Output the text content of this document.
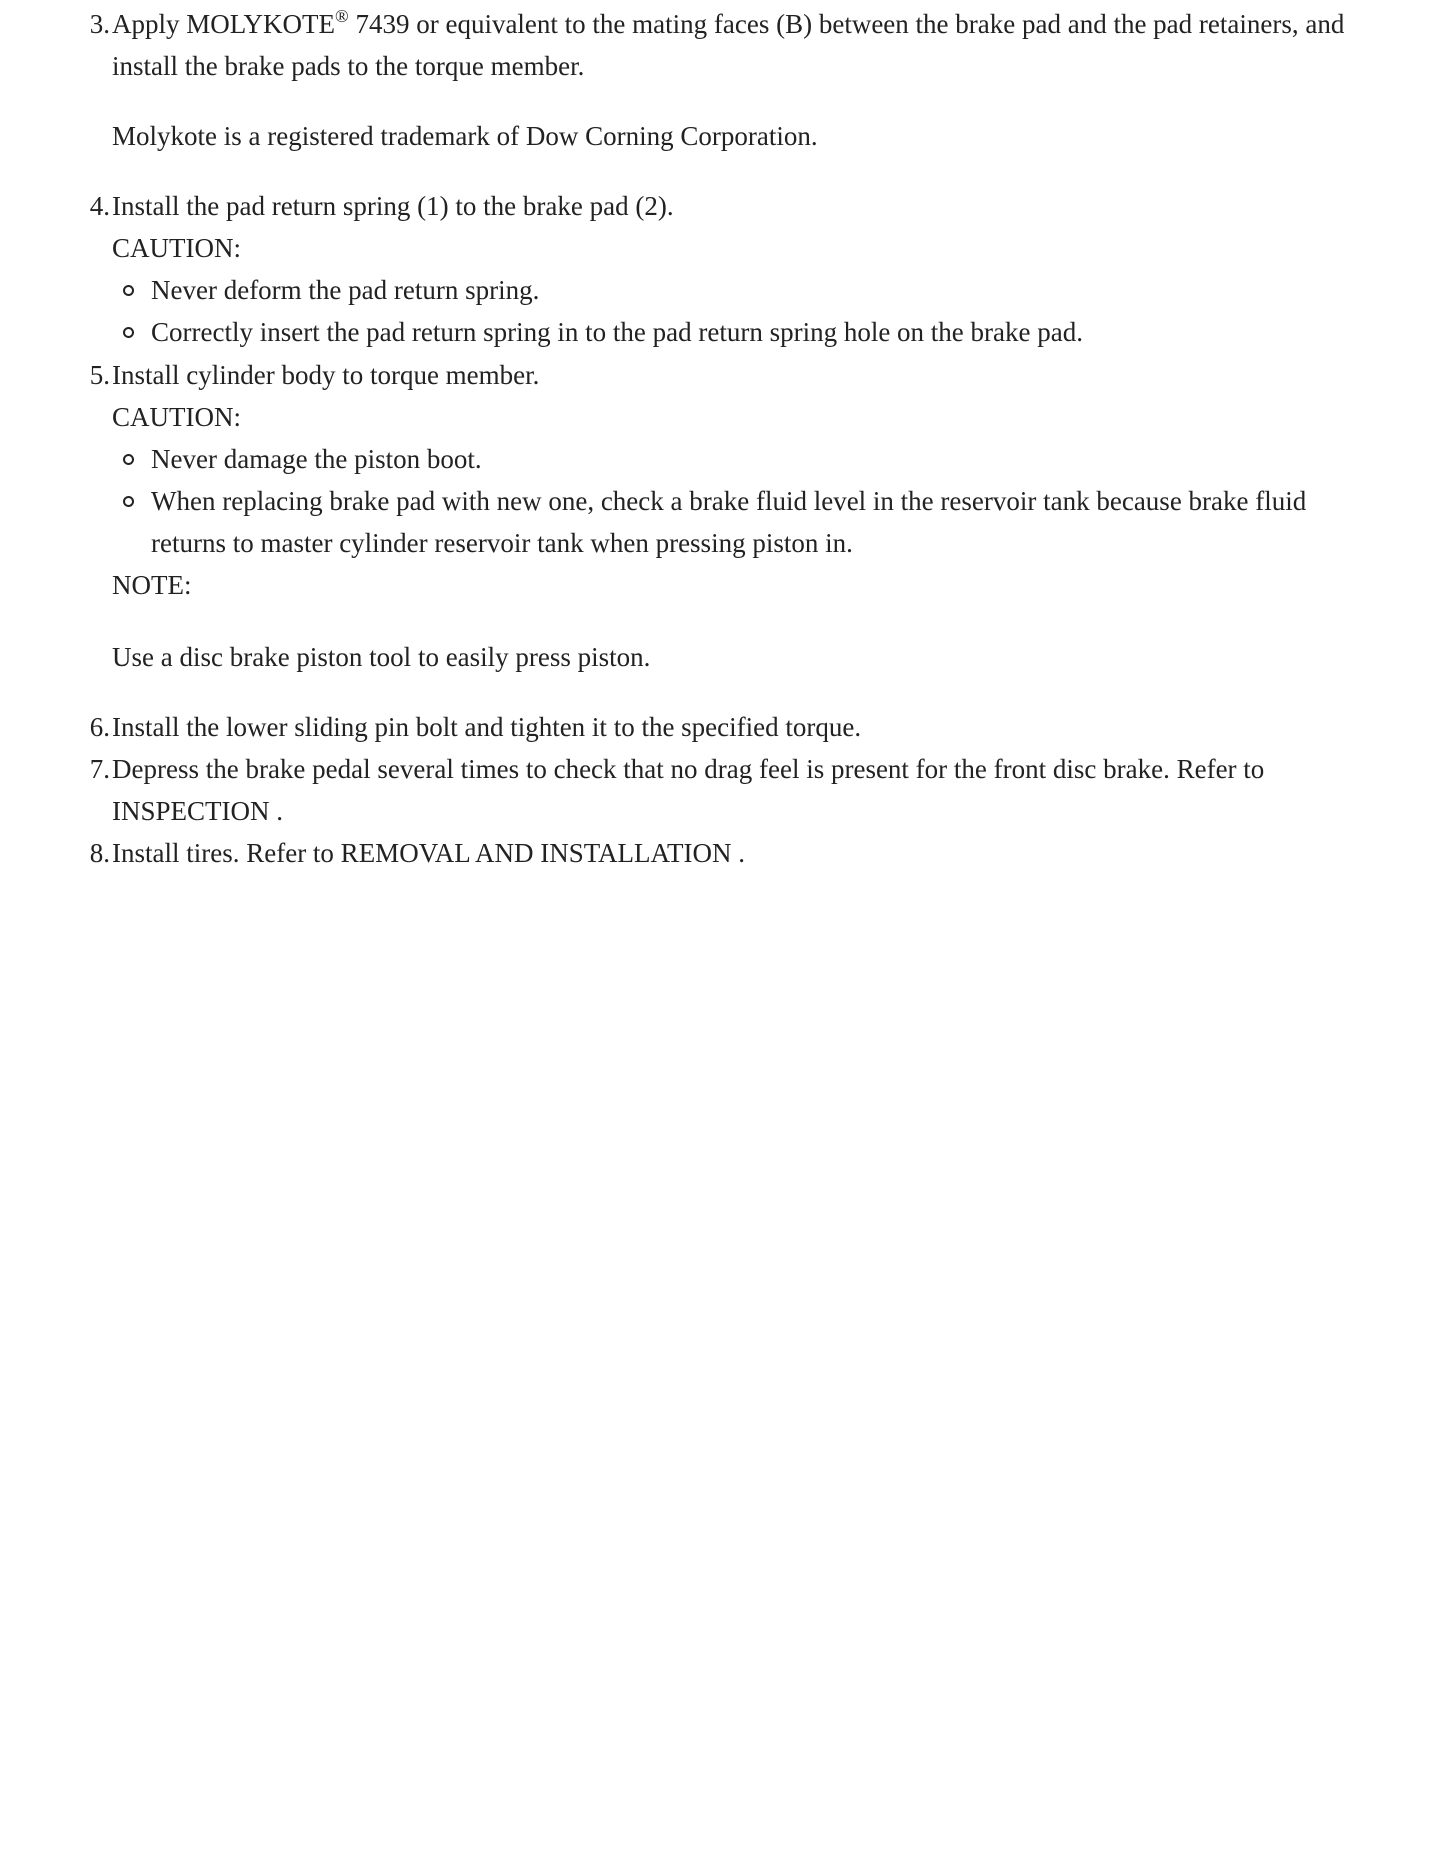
3. Apply MOLYKOTE® 7439 or equivalent to the mating faces (B) between the brake pad and the pad retainers, and install the brake pads to the torque member.

Molykote is a registered trademark of Dow Corning Corporation.

4. Install the pad return spring (1) to the brake pad (2).

CAUTION:

Never deform the pad return spring.
Correctly insert the pad return spring in to the pad return spring hole on the brake pad.
5. Install cylinder body to torque member.

CAUTION:

Never damage the piston boot.
When replacing brake pad with new one, check a brake fluid level in the reservoir tank because brake fluid returns to master cylinder reservoir tank when pressing piston in.

NOTE:

Use a disc brake piston tool to easily press piston.

6. Install the lower sliding pin bolt and tighten it to the specified torque.

7. Depress the brake pedal several times to check that no drag feel is present for the front disc brake. Refer to INSPECTION .

8. Install tires. Refer to REMOVAL AND INSTALLATION .
